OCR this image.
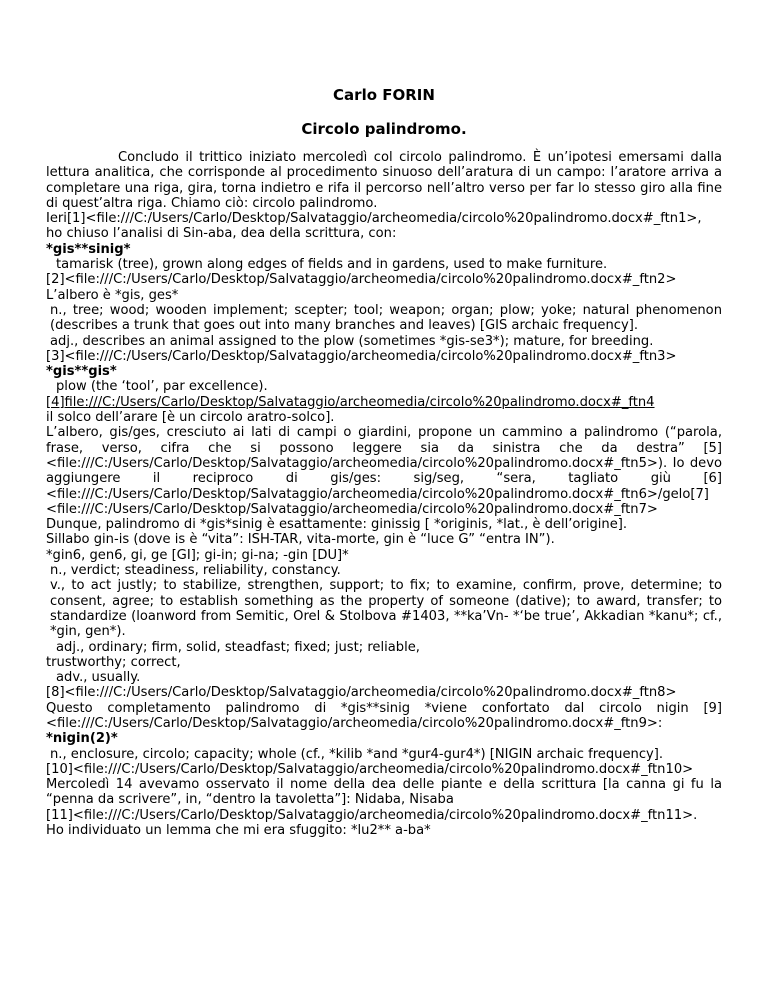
Carlo FORIN

Circolo palindromo.

Concludo il trittico iniziato mercoledì col circolo palindromo. È un’ipotesi emersami dalla lettura analitica, che corrisponde al procedimento sinuoso dell’aratura di un campo: l’aratore arriva a completare una riga, gira, torna indietro e rifa il percorso nell’altro verso per far lo stesso giro alla fine di quest’altra riga. Chiamo ciò: circolo palindromo.

Ieri[1]<file:///C:/Users/Carlo/Desktop/Salvataggio/archeomedia/circolo%20palindromo.docx#_ftn1>, ho chiuso l’analisi di Sin-aba, dea della scrittura, con:

*gis**sinig*

tamarisk (tree), grown along edges of fields and in gardens, used to make furniture.

[2]<file:///C:/Users/Carlo/Desktop/Salvataggio/archeomedia/circolo%20palindromo.docx#_ftn2>

L’albero è *gis, ges*

n., tree; wood; wooden implement; scepter; tool; weapon; organ; plow; yoke; natural phenomenon (describes a trunk that goes out into many branches and leaves) [GIS archaic frequency].

adj., describes an animal assigned to the plow (sometimes *gis-se3*); mature, for breeding.

[3]<file:///C:/Users/Carlo/Desktop/Salvataggio/archeomedia/circolo%20palindromo.docx#_ftn3>

*gis**gis*

plow (the ‘tool’, par excellence).

[4]file:///C:/Users/Carlo/Desktop/Salvataggio/archeomedia/circolo%20palindromo.docx#_ftn4

il solco dell’arare [è un circolo aratro-solco].

L’albero, gis/ges, cresciuto ai lati di campi o giardini, propone un cammino a palindromo (“parola, frase, verso, cifra che si possono leggere sia da sinistra che da destra” [5]<file:///C:/Users/Carlo/Desktop/Salvataggio/archeomedia/circolo%20palindromo.docx#_ftn5>). Io devo aggiungere il reciproco di gis/ges: sig/seg, “sera, tagliato giù [6]<file:///C:/Users/Carlo/Desktop/Salvataggio/archeomedia/circolo%20palindromo.docx#_ftn6>/gelo[7]<file:///C:/Users/Carlo/Desktop/Salvataggio/archeomedia/circolo%20palindromo.docx#_ftn7>

Dunque, palindromo di *gis*sinig è esattamente: ginissig [ *originis, *lat., è dell’origine].

Sillabo gin-is (dove is è “vita”: ISH-TAR, vita-morte, gin è “luce G” “entra IN”).

*gin6, gen6, gi, ge [GI]; gi-in; gi-na; -gin [DU]*

n., verdict; steadiness, reliability, constancy.

v., to act justly; to stabilize, strengthen, support; to fix; to examine, confirm, prove, determine; to consent, agree; to establish something as the property of someone (dative); to award, transfer; to standardize (loanword from Semitic, Orel & Stolbova #1403, **ka’Vn- *‘be true’, Akkadian *kanu*; cf., *gin, gen*).

adj., ordinary; firm, solid, steadfast; fixed; just; reliable,

trustworthy; correct,

adv., usually.

[8]<file:///C:/Users/Carlo/Desktop/Salvataggio/archeomedia/circolo%20palindromo.docx#_ftn8>

Questo completamento palindromo di *gis**sinig *viene confortato dal circolo nigin [9]<file:///C:/Users/Carlo/Desktop/Salvataggio/archeomedia/circolo%20palindromo.docx#_ftn9>:

*nigin(2)*

n., enclosure, circolo; capacity; whole (cf., *kilib *and *gur4-gur4*) [NIGIN archaic frequency].

[10]<file:///C:/Users/Carlo/Desktop/Salvataggio/archeomedia/circolo%20palindromo.docx#_ftn10>

Mercoledì 14 avevamo osservato il nome della dea delle piante e della scrittura [la canna gi fu la “penna da scrivere”, in, “dentro la tavoletta”]: Nidaba, Nisaba

[11]<file:///C:/Users/Carlo/Desktop/Salvataggio/archeomedia/circolo%20palindromo.docx#_ftn11>.

Ho individuato un lemma che mi era sfuggito: *lu2** a-ba*
